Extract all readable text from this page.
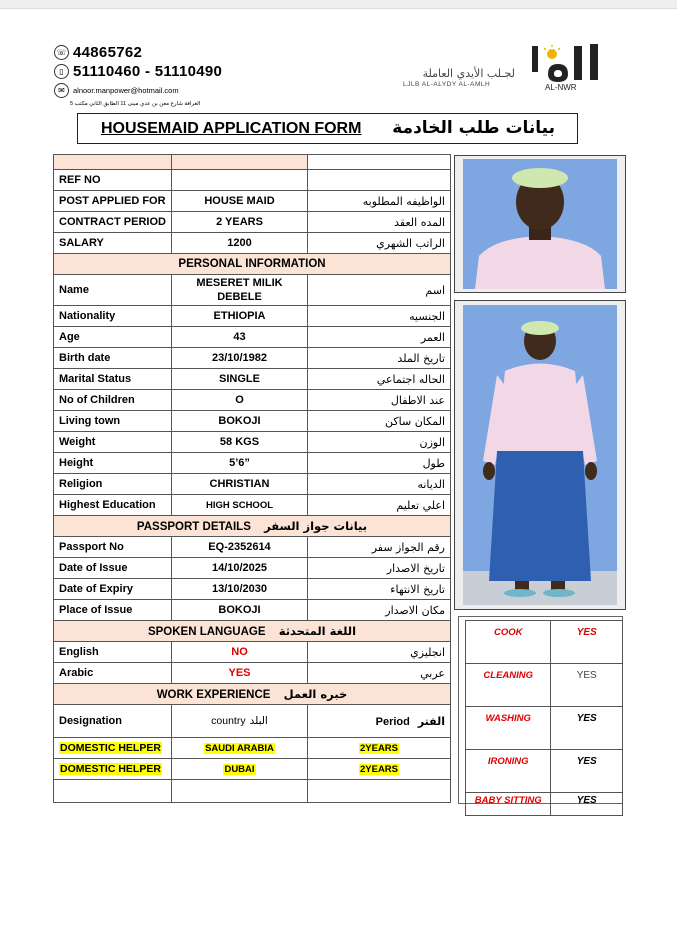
☏ 44865762
▯ 51110460 - 51110490
✉	alnoor.manpower@hotmail.com
الغرافة شارع معن بن عدي مبنى 11 الطابق الثاني مكتب 5
لجـلب الأيدي العاملة
LJLB AL-ALYDY AL-AMLH	AL-NWR
HOUSEMAID APPLICATION FORM بيانات طلب الخادمة

REF NO		
POST APPLIED FOR	HOUSE MAID	الواظيفه المطلوبه
CONTRACT PERIOD	2 YEARS	المده العقد
SALARY	1200	الراتب الشهري
PERSONAL INFORMATION		
Name	MESERET MILIK DEBELE	اسم
Nationality	ETHIOPIA	الجنسيه
Age	43	العمر
Birth date	23/10/1982	تاريخ الملد
Marital Status	SINGLE	الحاله اجتماعي
No of Children	O	عند الاطفال
Living town	BOKOJI	المكان ساكن
Weight	58 KGS	الوزن
Height	5’6”	طول
Religion	CHRISTIAN	الديانه
Highest Education	HIGH SCHOOL	اعلي تعليم
PASSPORT DETAILS بيانات جواز السفر		
Passport No	EQ-2352614	رقم الجواز سفر
Date of Issue	14/10/2025	تاريخ الاصدار
Date of Expiry	13/10/2030	تاريخ الانتهاء
Place of Issue	BOKOJI	مكان الاصدار
SPOKEN LANGUAGE اللغة المتحدثة		
English	NO	انجليزي
Arabic	YES	عربي
WORK EXPERIENCE خبره العمل		
Designation	country البلد	Period الفتر
DOMESTIC HELPER	SAUDI ARABIA	2YEARS
DOMESTIC HELPER	DUBAI	2YEARS

COOK	YES
CLEANING	YES
WASHING	YES
IRONING	YES
BABY SITTING	YES
